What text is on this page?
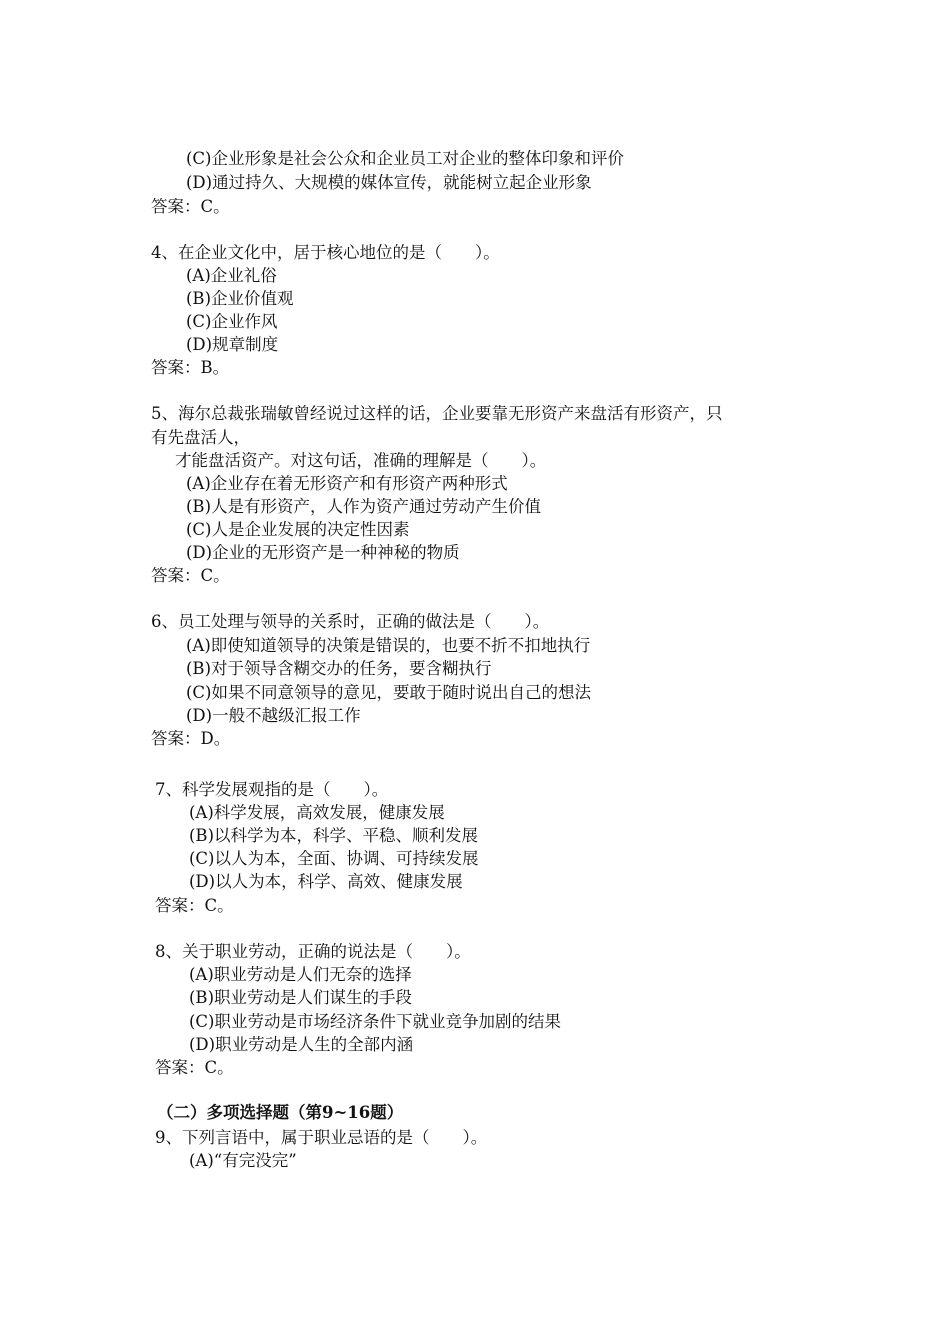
(C)企业形象是社会公众和企业员工对企业的整体印象和评价
(D)通过持久、大规模的媒体宣传，就能树立起企业形象
答案：C。
4、在企业文化中，居于核心地位的是（　　）。
(A)企业礼俗
(B)企业价值观
(C)企业作风
(D)规章制度
答案：B。
5、海尔总裁张瑞敏曾经说过这样的话，企业要靠无形资产来盘活有形资产，只
有先盘活人，
才能盘活资产。对这句话，准确的理解是（　　）。
(A)企业存在着无形资产和有形资产两种形式
(B)人是有形资产，人作为资产通过劳动产生价值
(C)人是企业发展的决定性因素
(D)企业的无形资产是一种神秘的物质
答案：C。
6、员工处理与领导的关系时，正确的做法是（　　）。
(A)即使知道领导的决策是错误的，也要不折不扣地执行
(B)对于领导含糊交办的任务，要含糊执行
(C)如果不同意领导的意见，要敢于随时说出自己的想法
(D)一般不越级汇报工作
答案：D。
7、科学发展观指的是（　　）。
(A)科学发展，高效发展，健康发展
(B)以科学为本，科学、平稳、顺利发展
(C)以人为本，全面、协调、可持续发展
(D)以人为本，科学、高效、健康发展
答案：C。
8、关于职业劳动，正确的说法是（　　）。
(A)职业劳动是人们无奈的选择
(B)职业劳动是人们谋生的手段
(C)职业劳动是市场经济条件下就业竞争加剧的结果
(D)职业劳动是人生的全部内涵
答案：C。
（二）多项选择题（第9~16题）
9、下列言语中，属于职业忌语的是（　　）。
(A)“有完没完”
